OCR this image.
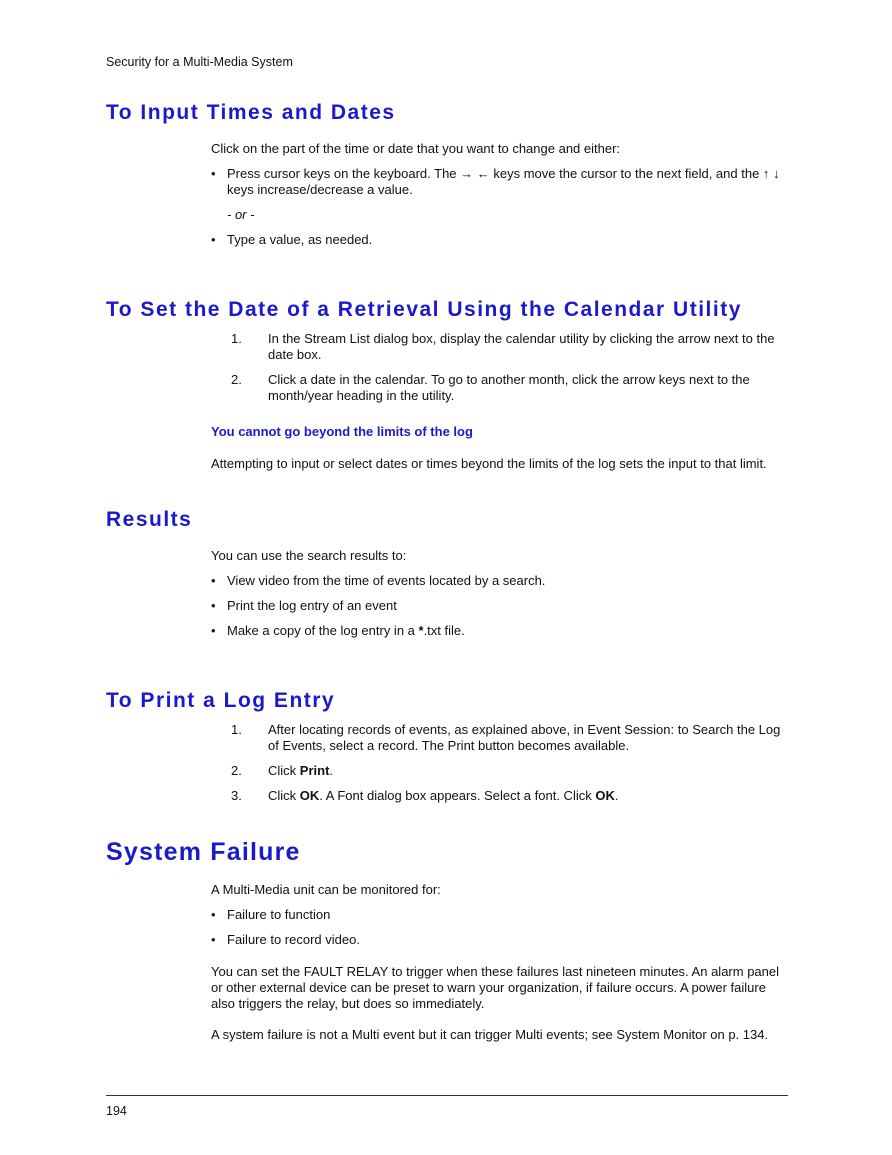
Security for a Multi-Media System
To Input Times and Dates
Click on the part of the time or date that you want to change and either:
• Press cursor keys on the keyboard. The → ← keys move the cursor to the next field, and the ↑ ↓ keys increase/decrease a value.
- or -
• Type a value, as needed.
To Set the Date of a Retrieval Using the Calendar Utility
1. In the Stream List dialog box, display the calendar utility by clicking the arrow next to the date box.
2. Click a date in the calendar. To go to another month, click the arrow keys next to the month/year heading in the utility.
You cannot go beyond the limits of the log
Attempting to input or select dates or times beyond the limits of the log sets the input to that limit.
Results
You can use the search results to:
• View video from the time of events located by a search.
• Print the log entry of an event
• Make a copy of the log entry in a *.txt file.
To Print a Log Entry
1. After locating records of events, as explained above, in Event Session: to Search the Log of Events, select a record. The Print button becomes available.
2. Click Print.
3. Click OK. A Font dialog box appears. Select a font. Click OK.
System Failure
A Multi-Media unit can be monitored for:
• Failure to function
• Failure to record video.
You can set the FAULT RELAY to trigger when these failures last nineteen minutes. An alarm panel or other external device can be preset to warn your organization, if failure occurs. A power failure also triggers the relay, but does so immediately.
A system failure is not a Multi event but it can trigger Multi events; see System Monitor on p. 134.
194
